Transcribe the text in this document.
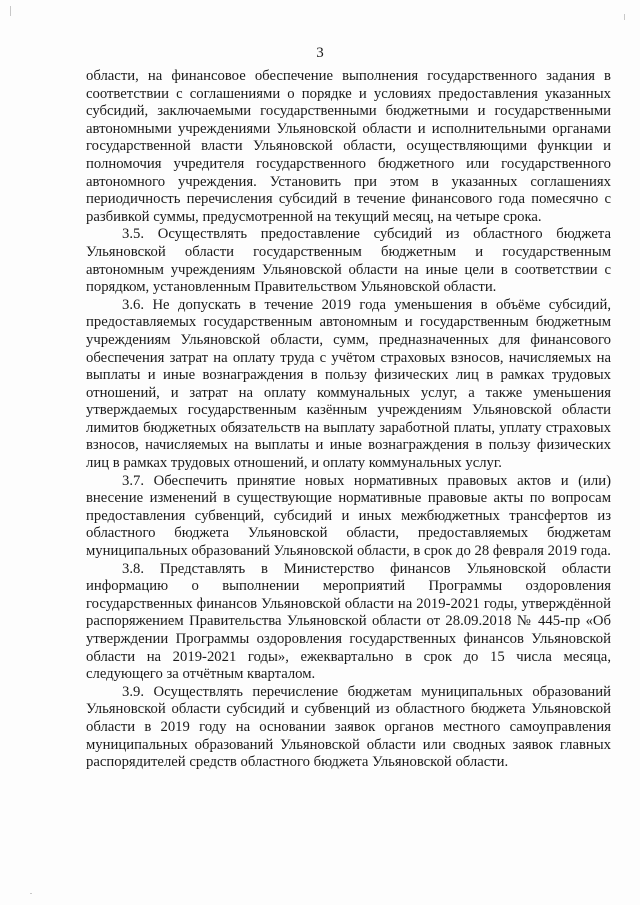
3

области, на финансовое обеспечение выполнения государственного задания в соответствии с соглашениями о порядке и условиях предоставления указанных субсидий, заключаемыми государственными бюджетными и государственными автономными учреждениями Ульяновской области и исполнительными органами государственной власти Ульяновской области, осуществляющими функции и полномочия учредителя государственного бюджетного или государственного автономного учреждения. Установить при этом в указанных соглашениях периодичность перечисления субсидий в течение финансового года помесячно с разбивкой суммы, предусмотренной на текущий месяц, на четыре срока.

3.5. Осуществлять предоставление субсидий из областного бюджета Ульяновской области государственным бюджетным и государственным автономным учреждениям Ульяновской области на иные цели в соответствии с порядком, установленным Правительством Ульяновской области.

3.6. Не допускать в течение 2019 года уменьшения в объёме субсидий, предоставляемых государственным автономным и государственным бюджетным учреждениям Ульяновской области, сумм, предназначенных для финансового обеспечения затрат на оплату труда с учётом страховых взносов, начисляемых на выплаты и иные вознаграждения в пользу физических лиц в рамках трудовых отношений, и затрат на оплату коммунальных услуг, а также уменьшения утверждаемых государственным казённым учреждениям Ульяновской области лимитов бюджетных обязательств на выплату заработной платы, уплату страховых взносов, начисляемых на выплаты и иные вознаграждения в пользу физических лиц в рамках трудовых отношений, и оплату коммунальных услуг.

3.7. Обеспечить принятие новых нормативных правовых актов и (или) внесение изменений в существующие нормативные правовые акты по вопросам предоставления субвенций, субсидий и иных межбюджетных трансфертов из областного бюджета Ульяновской области, предоставляемых бюджетам муниципальных образований Ульяновской области, в срок до 28 февраля 2019 года.

3.8. Представлять в Министерство финансов Ульяновской области информацию о выполнении мероприятий Программы оздоровления государственных финансов Ульяновской области на 2019-2021 годы, утверждённой распоряжением Правительства Ульяновской области от 28.09.2018 № 445-пр «Об утверждении Программы оздоровления государственных финансов Ульяновской области на 2019-2021 годы», ежеквартально в срок до 15 числа месяца, следующего за отчётным кварталом.

3.9. Осуществлять перечисление бюджетам муниципальных образований Ульяновской области субсидий и субвенций из областного бюджета Ульяновской области в 2019 году на основании заявок органов местного самоуправления муниципальных образований Ульяновской области или сводных заявок главных распорядителей средств областного бюджета Ульяновской области.
